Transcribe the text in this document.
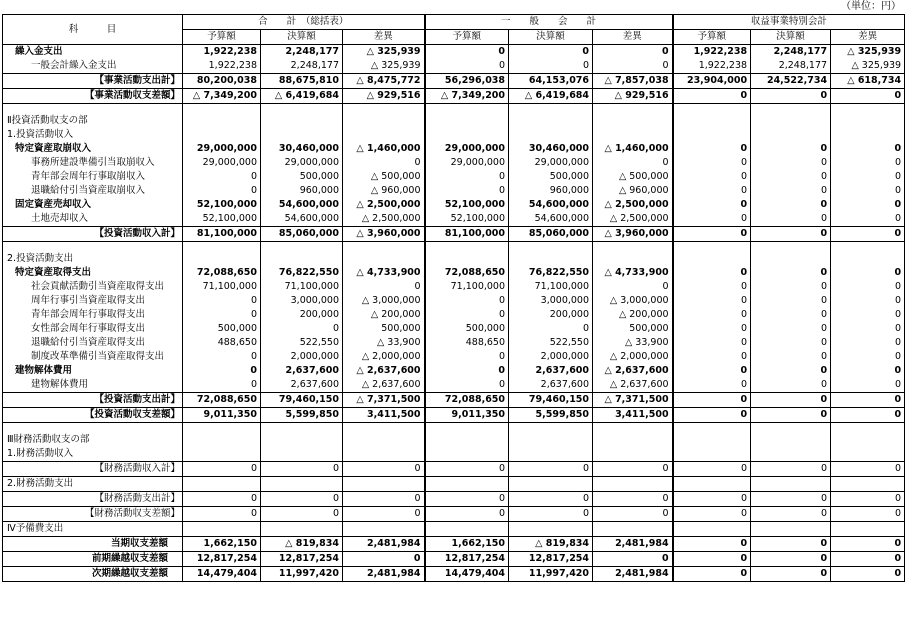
（単位：円）
科　　　目	合　　計　（総括表）			一　　般　　会　　計			収益事業特別会計		
	予算額	決算額	差異	予算額	決算額	差異	予算額	決算額	差異
繰入金支出	1,922,238	2,248,177	△ 325,939	0	0	0	1,922,238	2,248,177	△ 325,939
一般会計繰入金支出	1,922,238	2,248,177	△ 325,939	0	0	0	1,922,238	2,248,177	△ 325,939
【事業活動支出計】	80,200,038	88,675,810	△ 8,475,772	56,296,038	64,153,076	△ 7,857,038	23,904,000	24,522,734	△ 618,734
【事業活動収支差額】	△ 7,349,200	△ 6,419,684	△ 929,516	△ 7,349,200	△ 6,419,684	△ 929,516	0	0	0

Ⅱ投資活動収支の部									
1.投資活動収入									
特定資産取崩収入	29,000,000	30,460,000	△ 1,460,000	29,000,000	30,460,000	△ 1,460,000	0	0	0
事務所建設準備引当取崩収入	29,000,000	29,000,000	0	29,000,000	29,000,000	0	0	0	0
青年部会周年行事取崩収入	0	500,000	△ 500,000	0	500,000	△ 500,000	0	0	0
退職給付引当資産取崩収入	0	960,000	△ 960,000	0	960,000	△ 960,000	0	0	0
固定資産売却収入	52,100,000	54,600,000	△ 2,500,000	52,100,000	54,600,000	△ 2,500,000	0	0	0
土地売却収入	52,100,000	54,600,000	△ 2,500,000	52,100,000	54,600,000	△ 2,500,000	0	0	0
【投資活動収入計】	81,100,000	85,060,000	△ 3,960,000	81,100,000	85,060,000	△ 3,960,000	0	0	0

2.投資活動支出									
特定資産取得支出	72,088,650	76,822,550	△ 4,733,900	72,088,650	76,822,550	△ 4,733,900	0	0	0
社会貢献活動引当資産取得支出	71,100,000	71,100,000	0	71,100,000	71,100,000	0	0	0	0
周年行事引当資産取得支出	0	3,000,000	△ 3,000,000	0	3,000,000	△ 3,000,000	0	0	0
青年部会周年行事取得支出	0	200,000	△ 200,000	0	200,000	△ 200,000	0	0	0
女性部会周年行事取得支出	500,000	0	500,000	500,000	0	500,000	0	0	0
退職給付引当資産取得支出	488,650	522,550	△ 33,900	488,650	522,550	△ 33,900	0	0	0
制度改革準備引当資産取得支出	0	2,000,000	△ 2,000,000	0	2,000,000	△ 2,000,000	0	0	0
建物解体費用	0	2,637,600	△ 2,637,600	0	2,637,600	△ 2,637,600	0	0	0
建物解体費用	0	2,637,600	△ 2,637,600	0	2,637,600	△ 2,637,600	0	0	0
【投資活動支出計】	72,088,650	79,460,150	△ 7,371,500	72,088,650	79,460,150	△ 7,371,500	0	0	0
【投資活動収支差額】	9,011,350	5,599,850	3,411,500	9,011,350	5,599,850	3,411,500	0	0	0

Ⅲ財務活動収支の部									
1.財務活動収入									
【財務活動収入計】	0	0	0	0	0	0	0	0	0
2.財務活動支出									
【財務活動支出計】	0	0	0	0	0	0	0	0	0
【財務活動収支差額】	0	0	0	0	0	0	0	0	0
Ⅳ予備費支出									
当期収支差額	1,662,150	△ 819,834	2,481,984	1,662,150	△ 819,834	2,481,984	0	0	0
前期繰越収支差額	12,817,254	12,817,254	0	12,817,254	12,817,254	0	0	0	0
次期繰越収支差額	14,479,404	11,997,420	2,481,984	14,479,404	11,997,420	2,481,984	0	0	0
